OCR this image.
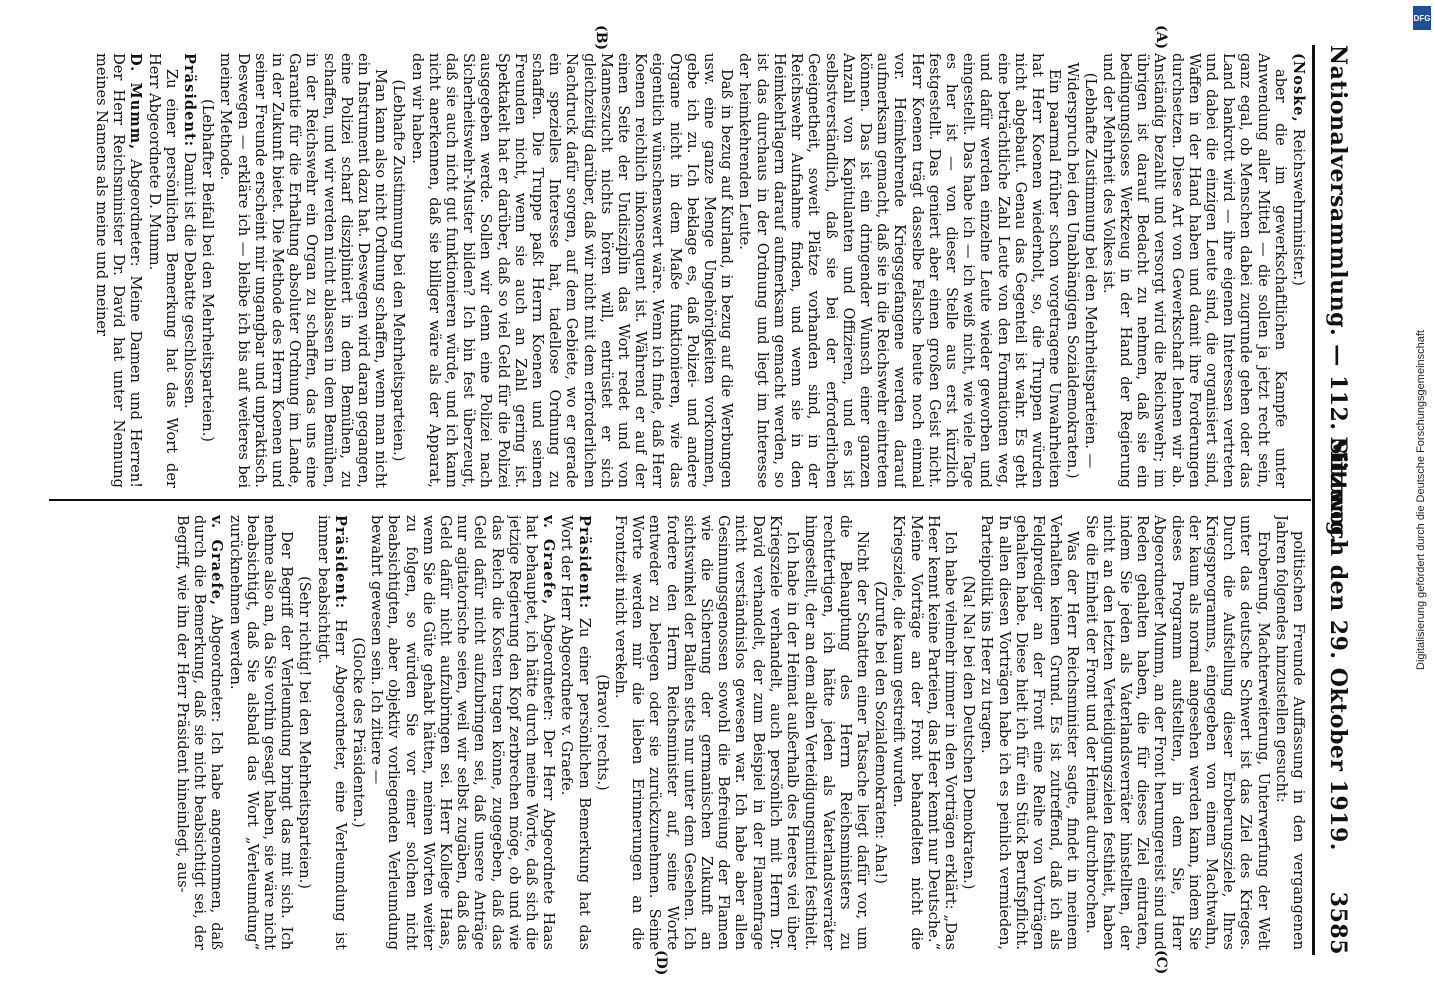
Nationalversammlung. — 112. Sitzung.
Mittwoch den 29. Oktober 1919.     3585
(A)
(B)
(C)
(D)

(Noske, Reichswehrminister.)

aber die im gewerkschaftlichen Kampfe unter Anwendung aller Mittel — die sollen ja jetzt recht sein, ganz egal, ob Menschen dabei zugrunde gehen oder das Land bankrott wird — ihre eigenen Interessen vertreten und dabei die einzigen Leute sind, die organisiert sind, Waffen in der Hand haben und damit ihre Forderungen durchsetzen. Diese Art von Gewerkschaft lehnen wir ab. Anständig bezahlt und versorgt wird die Reichswehr; im übrigen ist darauf Bedacht zu nehmen, daß sie ein bedingungsloses Werkzeug in der Hand der Regierung und der Mehrheit des Volkes ist.

(Lebhafte Zustimmung bei den Mehrheitsparteien. — Widerspruch bei den Unabhängigen Sozialdemokraten.)

Ein paarmal früher schon vorgetragene Unwahrheiten hat Herr Koenen wiederholt, so, die Truppen würden nicht abgebaut. Genau das Gegenteil ist wahr. Es geht eine beträchtliche Zahl Leute von den Formationen weg, und dafür werden einzelne Leute wieder geworben und eingestellt. Das habe ich — ich weiß nicht, wie viele Tage es her ist — von dieser Stelle aus erst kürzlich festgestellt. Das geniert aber einen großen Geist nicht. Herr Koenen trägt dasselbe Falsche heute noch einmal vor. Heimkehrende Kriegsgefangene werden darauf aufmerksam gemacht, daß sie in die Reichswehr eintreten können. Das ist ein dringender Wunsch einer ganzen Anzahl von Kapitulanten und Offizieren, und es ist selbstverständlich, daß sie bei der erforderlichen Geeignetheit, soweit Plätze vorhanden sind, in der Reichswehr Aufnahme finden, und wenn sie in den Heimkehrlagern darauf aufmerksam gemacht werden, so ist das durchaus in der Ordnung und liegt im Interesse der heimkehrenden Leute.

Daß in bezug auf Kurland, in bezug auf die Werbungen usw. eine ganze Menge Ungehörigkeiten vorkommen, gebe ich zu. Ich beklage es, daß Polizei- und andere Organe nicht in dem Maße funktionieren, wie das eigentlich wünschenswert wäre. Wenn ich finde, daß Herr Koenen reichlich inkonsequent ist. Während er auf der einen Seite der Undisziplin das Wort redet und von Manneszucht nichts hören will, entrüstet er sich gleichzeitig darüber, daß wir nicht mit dem erforderlichen Nachdruck dafür sorgen, auf dem Gebiete, wo er gerade ein spezielles Interesse hat, tadellose Ordnung zu schaffen. Die Truppe paßt Herrn Koenen und seinen Freunden nicht, wenn sie auch an Zahl gering ist. Spektakelt hat er darüber, daß so viel Geld für die Polizei ausgegeben werde. Sollen wir denn eine Polizei nach Sicherheitswehr-Muster bilden? Ich bin fest überzeugt, daß sie auch nicht gut funktionieren würde, und ich kann nicht anerkennen, daß sie billiger wäre als der Apparat, den wir haben.

(Lebhafte Zustimmung bei den Mehrheitsparteien.)

Man kann also nicht Ordnung schaffen, wenn man nicht ein Instrument dazu hat. Deswegen wird daran gegangen, eine Polizei scharf diszipliniert in dem Bemühen, zu schaffen, und wir werden nicht ablassen in dem Bemühen, in der Reichswehr ein Organ zu schaffen, das uns eine Garantie für die Erhaltung absoluter Ordnung im Lande, in der Zukunft bietet. Die Methode des Herrn Koenen und seiner Freunde erscheint mir ungangbar und unpraktisch. Deswegen — erkläre ich — bleibe ich bis auf weiteres bei meiner Methode.

(Lebhafter Beifall bei den Mehrheitsparteien.)

Präsident: Damit ist die Debatte geschlossen.

Zu einer persönlichen Bemerkung hat das Wort der Herr Abgeordnete D. Mumm.

D. Mumm, Abgeordneter: Meine Damen und Herren! Der Herr Reichsminister Dr. David hat unter Nennung meines Namens als meine und meiner

politischen Freunde Auffassung in den vergangenen Jahren folgendes hinzustellen gesucht:

Eroberung, Machterweiterung, Unterwerfung der Welt unter das deutsche Schwert ist das Ziel des Krieges. Durch die Aufstellung dieser Eroberungsziele, Ihres Kriegsprogramms, eingegeben von einem Machtwahn, der kaum als normal angesehen werden kann, indem Sie dieses Programm aufstellten, in dem Sie, Herr Abgeordneter Mumm, an der Front herumgereist sind und Reden gehalten haben, die für dieses Ziel eintraten, indem Sie jeden als Vaterlandsverräter hinstellten, der nicht an den letzten Verteidigungszielen festhielt, haben Sie die Einheit der Front und der Heimat durchbrochen.

Was der Herr Reichsminister sagte, findet in meinem Verhalten keinen Grund. Es ist zutreffend, daß ich als Feldprediger an der Front eine Reihe von Vorträgen gehalten habe. Diese hielt ich für ein Stück Berufspflicht. In allen diesen Vorträgen habe ich es peinlich vermieden, Parteipolitik ins Heer zu tragen.

(Na! Na! bei den Deutschen Demokraten.)

Ich habe vielmehr immer in den Vorträgen erklärt: „Das Heer kennt keine Parteien, das Heer kennt nur Deutsche.“ Meine Vorträge an der Front behandelten nicht die Kriegsziele, die kaum gestreift wurden.

(Zurufe bei den Sozialdemokraten: Aha!)

Nicht der Schatten einer Tatsache liegt dafür vor, um die Behauptung des Herrn Reichsministers zu rechtfertigen, ich hätte jeden als Vaterlandsverräter hingestellt, der an dem alten Verteidigungsmittel festhielt.

Ich habe in der Heimat außerhalb des Heeres viel über Kriegsziele verhandelt, auch persönlich mit Herrn Dr. David verhandelt, der zum Beispiel in der Flamenfrage nicht verständnislos gewesen war. Ich habe aber allen Gesinnungsgenossen sowohl die Befreiung der Flamen wie die Sicherung der germanischen Zukunft an sichtswinkel der Balten stets nur unter dem Gesehen. Ich fordere den Herrn Reichsminister auf, seine Worte entweder zu belegen oder sie zurückzunehmen. Seine Worte werden mir die lieben Erinnerungen an die Frontzeit nicht verekeln.

(Bravo! rechts.)

Präsident: Zu einer persönlichen Bemerkung hat das Wort der Herr Abgeordnete v. Graefe.

v. Graefe, Abgeordneter: Der Herr Abgeordnete Haas hat behauptet, ich hätte durch meine Worte, daß sich die jetzige Regierung den Kopf zerbrechen möge, ob und wie das Reich die Kosten tragen könne, zugegeben, daß das Geld dafür nicht aufzubringen sei, daß unsere Anträge nur agitatorische seien, weil wir selbst zugäben, daß das Geld dafür nicht aufzubringen sei. Herr Kollege Haas, wenn Sie die Güte gehabt hätten, meinen Worten weiter zu folgen, so würden Sie vor einer solchen nicht beabsichtigten, aber objektiv vorliegenden Verleumdung bewahrt gewesen sein. Ich zitiere —

(Glocke des Präsidenten.)

Präsident: Herr Abgeordneter, eine Verleumdung ist immer beabsichtigt.

(Sehr richtig! bei den Mehrheitsparteien.)

Der Begriff der Verleumdung bringt das mit sich. Ich nehme also an, da Sie vorhin gesagt haben, sie wäre nicht beabsichtigt, daß Sie alsbald das Wort „Verleumdung“ zurücknehmen werden.

v. Graefe, Abgeordneter: Ich habe angenommen, daß durch die Bemerkung, daß sie nicht beabsichtigt sei, der Begriff, wie ihn der Herr Präsident hineinlegt, aus-

DFG
Digitalisierung gefördert durch die Deutsche Forschungsgemeinschaft
